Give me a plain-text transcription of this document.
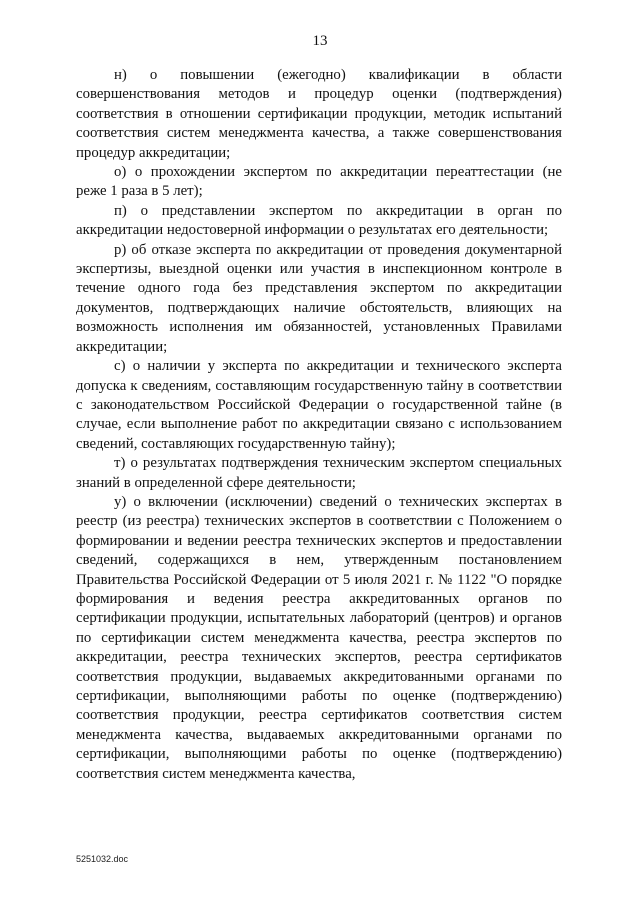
13

н) о повышении (ежегодно) квалификации в области совершенствования методов и процедур оценки (подтверждения) соответствия в отношении сертификации продукции, методик испытаний соответствия систем менеджмента качества, а также совершенствования процедур аккредитации;

о) о прохождении экспертом по аккредитации переаттестации (не реже 1 раза в 5 лет);

п) о представлении экспертом по аккредитации в орган по аккредитации недостоверной информации о результатах его деятельности;

р) об отказе эксперта по аккредитации от проведения документарной экспертизы, выездной оценки или участия в инспекционном контроле в течение одного года без представления экспертом по аккредитации документов, подтверждающих наличие обстоятельств, влияющих на возможность исполнения им обязанностей, установленных Правилами аккредитации;

с) о наличии у эксперта по аккредитации и технического эксперта допуска к сведениям, составляющим государственную тайну в соответствии с законодательством Российской Федерации о государственной тайне (в случае, если выполнение работ по аккредитации связано с использованием сведений, составляющих государственную тайну);

т) о результатах подтверждения техническим экспертом специальных знаний в определенной сфере деятельности;

у) о включении (исключении) сведений о технических экспертах в реестр (из реестра) технических экспертов в соответствии с Положением о формировании и ведении реестра технических экспертов и предоставлении сведений, содержащихся в нем, утвержденным постановлением Правительства Российской Федерации от 5 июля 2021 г. № 1122 "О порядке формирования и ведения реестра аккредитованных органов по сертификации продукции, испытательных лабораторий (центров) и органов по сертификации систем менеджмента качества, реестра экспертов по аккредитации, реестра технических экспертов, реестра сертификатов соответствия продукции, выдаваемых аккредитованными органами по сертификации, выполняющими работы по оценке (подтверждению) соответствия продукции, реестра сертификатов соответствия систем менеджмента качества, выдаваемых аккредитованными органами по сертификации, выполняющими работы по оценке (подтверждению) соответствия систем менеджмента качества,

5251032.doc
